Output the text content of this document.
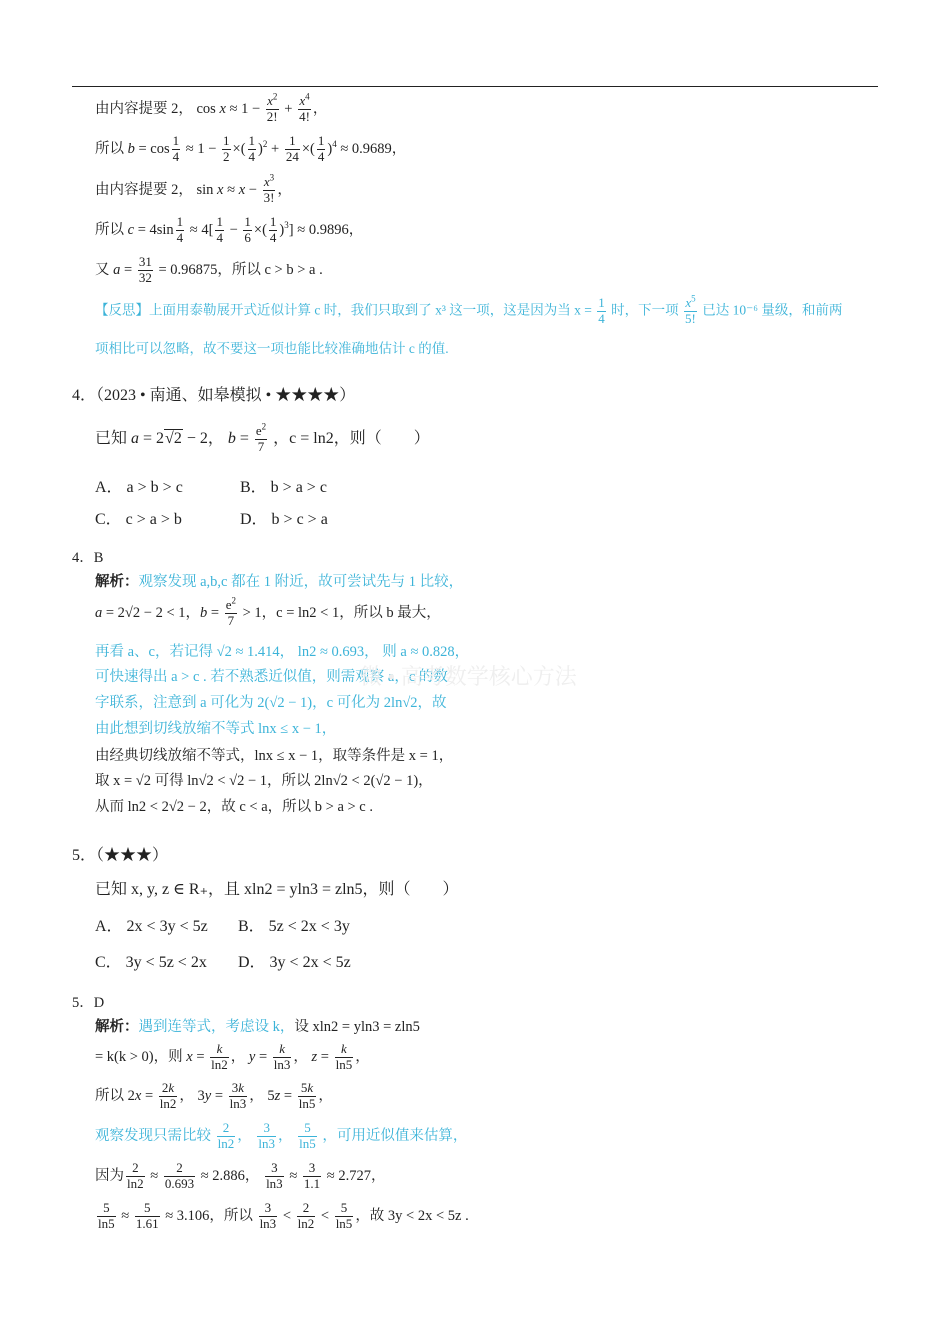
由内容提要 2， $\cos x \approx 1 - \frac{x^2}{2!} + \frac{x^4}{4!}$ ，
所以 $b = \cos \frac{1}{4} \approx 1 - \frac{1}{2}$ ×( $\frac{1}{4} )^2 + \frac{1}{24}$ ×( $\frac{1}{4} )^4 \approx 0.9689$，
由内容提要 2， $\sin x \approx x - \frac{x^3}{3!}$ ，
所以 $c = 4\sin \frac{1}{4} \approx 4[ \frac{1}{4} - \frac{1}{6}$ ×( $\frac{1}{4} )^3] \approx 0.9896$，
又 $a = \frac{31}{32} = 0.96875$，所以 c > b > a .
【反思】上面用泰勒展开式近似计算 c 时，我们只取到了 x³ 这一项，这是因为当 $x = \frac{1}{4}$ 时，下一项 $\frac{x^5}{5!}$ 已达 10⁻⁶ 量级，和前两
项相比可以忽略，故不要这一项也能比较准确地估计 c 的值.
4．（2023 • 南通、如皋模拟 • ★★★★）
已知 a = 2√2 − 2， $b = \frac{e^2}{7}$ ，c = ln2，则（　　）
A． a > b > c	B． b > a > c
C． c > a > b	D． b > c > a
4．B
解析：观察发现 a,b,c 都在 1 附近，故可尝试先与 1 比较，
a = 2√2 − 2 < 1，$b = \frac{e^2}{7} > 1$，c = ln2 < 1，所以 b 最大，
再看 a、c，若记得 √2 ≈ 1.414， ln2 ≈ 0.693， 则 a ≈ 0.828，
可快速得出 a > c . 若不熟悉近似值，则需观察 a，c 的数
字联系，注意到 a 可化为 2(√2 − 1)，c 可化为 2ln√2，故
由此想到切线放缩不等式 lnx ≤ x − 1，
由经典切线放缩不等式，lnx ≤ x − 1，取等条件是 x = 1，
取 x = √2 可得 ln√2 < √2 − 1，所以 2ln√2 < 2(√2 − 1)，
从而 ln2 < 2√2 − 2，故 c < a，所以 b > a > c .
5．（★★★）
已知 x, y, z ∈ R₊，且 xln2 = yln3 = zln5，则（　　）
A． 2x < 3y < 5z B． 5z < 2x < 3y
C． 3y < 5z < 2x D． 3y < 2x < 5z
5．D
解析：遇到连等式，考虑设 k，设 xln2 = yln3 = zln5
= k(k > 0)，则 $x = \frac{k}{\ln 2}$ ， $y = \frac{k}{\ln 3}$ ， $z = \frac{k}{\ln 5}$ ，
所以 $2x = \frac{2k}{\ln 2}$ ， $3y = \frac{3k}{\ln 3}$ ， $5z = \frac{5k}{\ln 5}$ ，
观察发现只需比较 $\frac{2}{\ln 2}$ ， $\frac{3}{\ln 3}$ ， $\frac{5}{\ln 5}$ ，可用近似值来估算，
因为 $\frac{2}{\ln 2} \approx \frac{2}{0.693} \approx 2.886$， $\frac{3}{\ln 3} \approx \frac{3}{1.1} \approx 2.727$，
$\frac{5}{\ln 5} \approx \frac{5}{1.61} \approx 3.106$，所以 $\frac{3}{\ln 3} < \frac{2}{\ln 2} < \frac{5}{\ln 5}$ ，故 3y < 2x < 5z .
微 • 高考数学核心方法
